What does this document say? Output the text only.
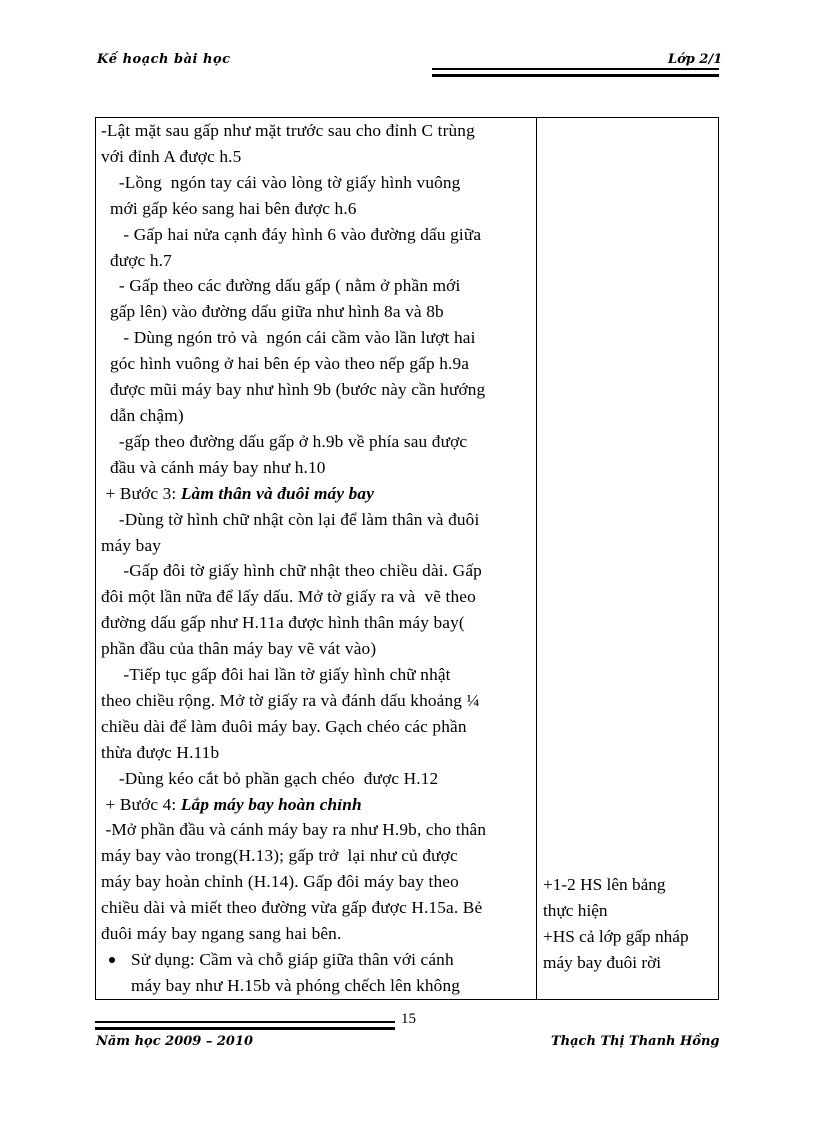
Kế hoạch bài học	Lớp 2/1

-Lật mặt sau gấp như mặt trước sau cho đỉnh C trùng

với đỉnh A được h.5

-Lồng  ngón tay cái vào lòng tờ giấy hình vuông

mới gấp kéo sang hai bên được h.6

- Gấp hai nửa cạnh đáy hình 6 vào đường dấu giữa

được h.7

- Gấp theo các đường dấu gấp ( nằm ở phần mới

gấp lên) vào đường dấu giữa như hình 8a và 8b

- Dùng ngón trỏ và  ngón cái cầm vào lần lượt hai

góc hình vuông ở hai bên ép vào theo nếp gấp h.9a

được mũi máy bay như hình 9b (bước này cần hướng

dẫn chậm)

-gấp theo đường dấu gấp ở h.9b về phía sau được

đầu và cánh máy bay như h.10

+ Bước 3: Làm thân và đuôi máy bay

-Dùng tờ hình chữ nhật còn lại để làm thân và đuôi

máy bay

-Gấp đôi tờ giấy hình chữ nhật theo chiều dài. Gấp

đôi một lần nữa để lấy dấu. Mở tờ giấy ra và  vẽ theo

đường dấu gấp như H.11a được hình thân máy bay(

phần đầu của thân máy bay vẽ vát vào)

-Tiếp tục gấp đôi hai lần tờ giấy hình chữ nhật

theo chiều rộng. Mở tờ giấy ra và đánh dấu khoảng ¼

chiều dài để làm đuôi máy bay. Gạch chéo các phần

thừa được H.11b

-Dùng kéo cắt bỏ phần gạch chéo  được H.12

+ Bước 4: Lắp máy bay hoàn chỉnh

-Mở phần đầu và cánh máy bay ra như H.9b, cho thân

máy bay vào trong(H.13); gấp trở  lại như củ được

máy bay hoàn chỉnh (H.14). Gấp đôi máy bay theo

chiều dài và miết theo đường vừa gấp được H.15a. Bẻ

đuôi máy bay ngang sang hai bên.

Sử dụng: Cầm và chỗ giáp giữa thân với cánh

máy bay như H.15b và phóng chếch lên không

+1-2 HS lên bảng

thực hiện

+HS cả lớp gấp nháp

máy bay đuôi rời

15
Năm học 2009 – 2010	Thạch Thị Thanh Hồng
